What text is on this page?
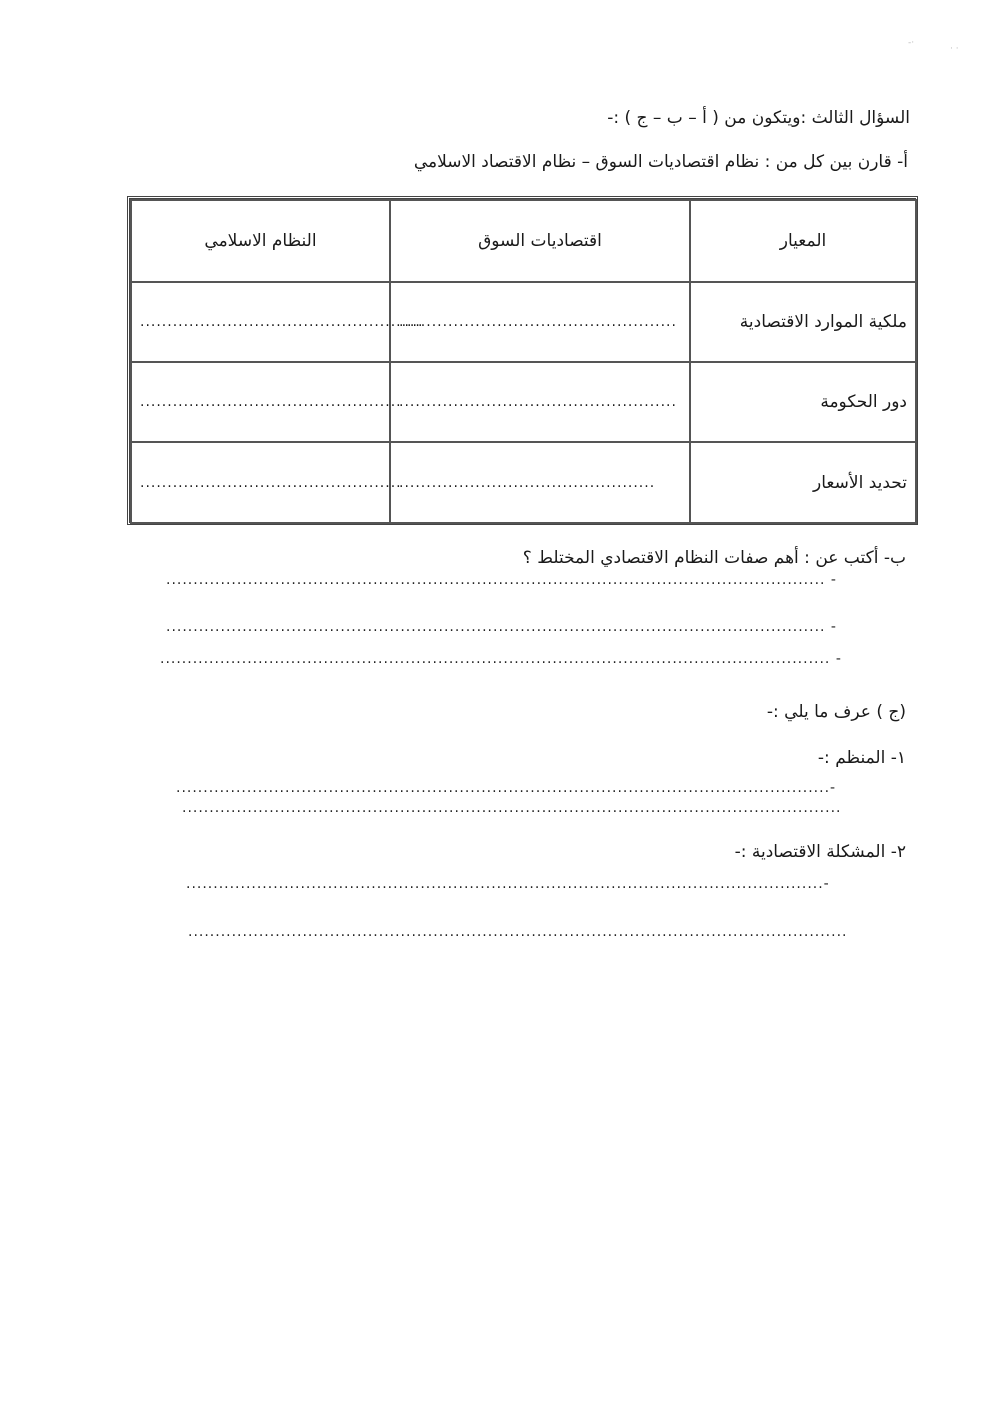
-·
· ·
السؤال الثالث :ويتكون من ( أ – ب – ج ) :-
أ- قارن بين كل من : نظام اقتصاديات السوق – نظام الاقتصاد الاسلامي
المعيار	اقتصاديات السوق	النظام الاسلامي
ملكية الموارد الاقتصادية	...................................................	....................................................
دور الحكومة	...................................................	................................................
تحديد الأسعار	...............................................	................................................
ب- أكتب عن : أهم صفات النظام الاقتصادي المختلط ؟
......................................................................................................................... -
......................................................................................................................... -
........................................................................................................................... -
(ج ) عرف ما يلي :-
١- المنظم :-
........................................................................................................................-
.........................................................................................................................
٢- المشكلة الاقتصادية :-
.....................................................................................................................-
.........................................................................................................................
